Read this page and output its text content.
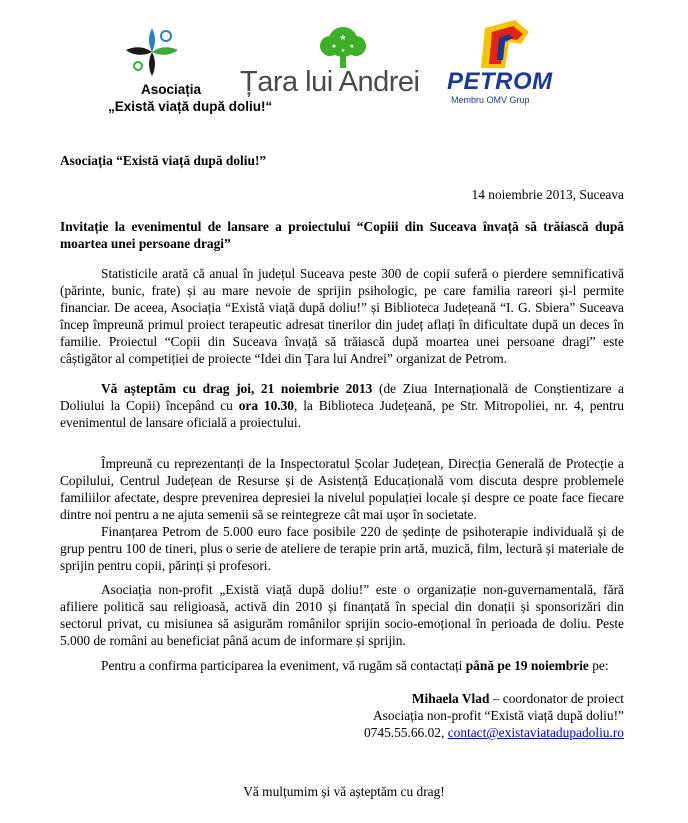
Asociația
„Există viață după doliu!“
★
★ ★
★
Țara lui Andrei PETROM
Membru OMV Grup
Asociația “Există viață după doliu!”
14 noiembrie 2013, Suceava
Invitație la evenimentul de lansare a proiectului “Copiii din Suceava învață să trăiască după moartea unei persoane dragi”
Statisticile arată că anual în județul Suceava peste 300 de copii suferă o pierdere semnificativă (părinte, bunic, frate) și au mare nevoie de sprijin psihologic, pe care familia rareori și-l permite financiar. De aceea, Asociația “Există viață după doliu!” și Biblioteca Județeană “I. G. Sbiera” Suceava încep împreună primul proiect terapeutic adresat tinerilor din județ aflați în dificultate după un deces în familie. Proiectul “Copii din Suceava învață să trăiască după moartea unei persoane dragi” este câștigător al competiției de proiecte “Idei din Țara lui Andrei” organizat de Petrom.
Vă așteptăm cu drag joi, 21 noiembrie 2013 (de Ziua Internațională de Conștientizare a Doliului la Copii) începând cu ora 10.30, la Biblioteca Județeană, pe Str. Mitropoliei, nr. 4, pentru evenimentul de lansare oficială a proiectului.
Împreună cu reprezentanți de la Inspectoratul Școlar Județean, Direcția Generală de Protecție a Copilului, Centrul Județean de Resurse și de Asistență Educațională vom discuta despre problemele familiilor afectate, despre prevenirea depresiei la nivelul populației locale și despre ce poate face fiecare dintre noi pentru a ne ajuta semenii să se reintegreze cât mai ușor în societate.
Finanțarea Petrom de 5.000 euro face posibile 220 de ședințe de psihoterapie individuală și de grup pentru 100 de tineri, plus o serie de ateliere de terapie prin artă, muzică, film, lectură și materiale de sprijin pentru copii, părinți și profesori.
Asociația non-profit „Există viață după doliu!” este o organizație non-guvernamentală, fără afiliere politică sau religioasă, activă din 2010 și finanțată în special din donații și sponsorizări din sectorul privat, cu misiunea să asigurăm românilor sprijin socio-emoțional în perioada de doliu. Peste 5.000 de români au beneficiat până acum de informare și sprijin.
Pentru a confirma participarea la eveniment, vă rugăm să contactați până pe 19 noiembrie pe:
Mihaela Vlad – coordonator de proiect
Asociația non-profit “Există viață după doliu!”
0745.55.66.02, contact@existaviatadupadoliu.ro
Vă mulțumim și vă așteptăm cu drag!
